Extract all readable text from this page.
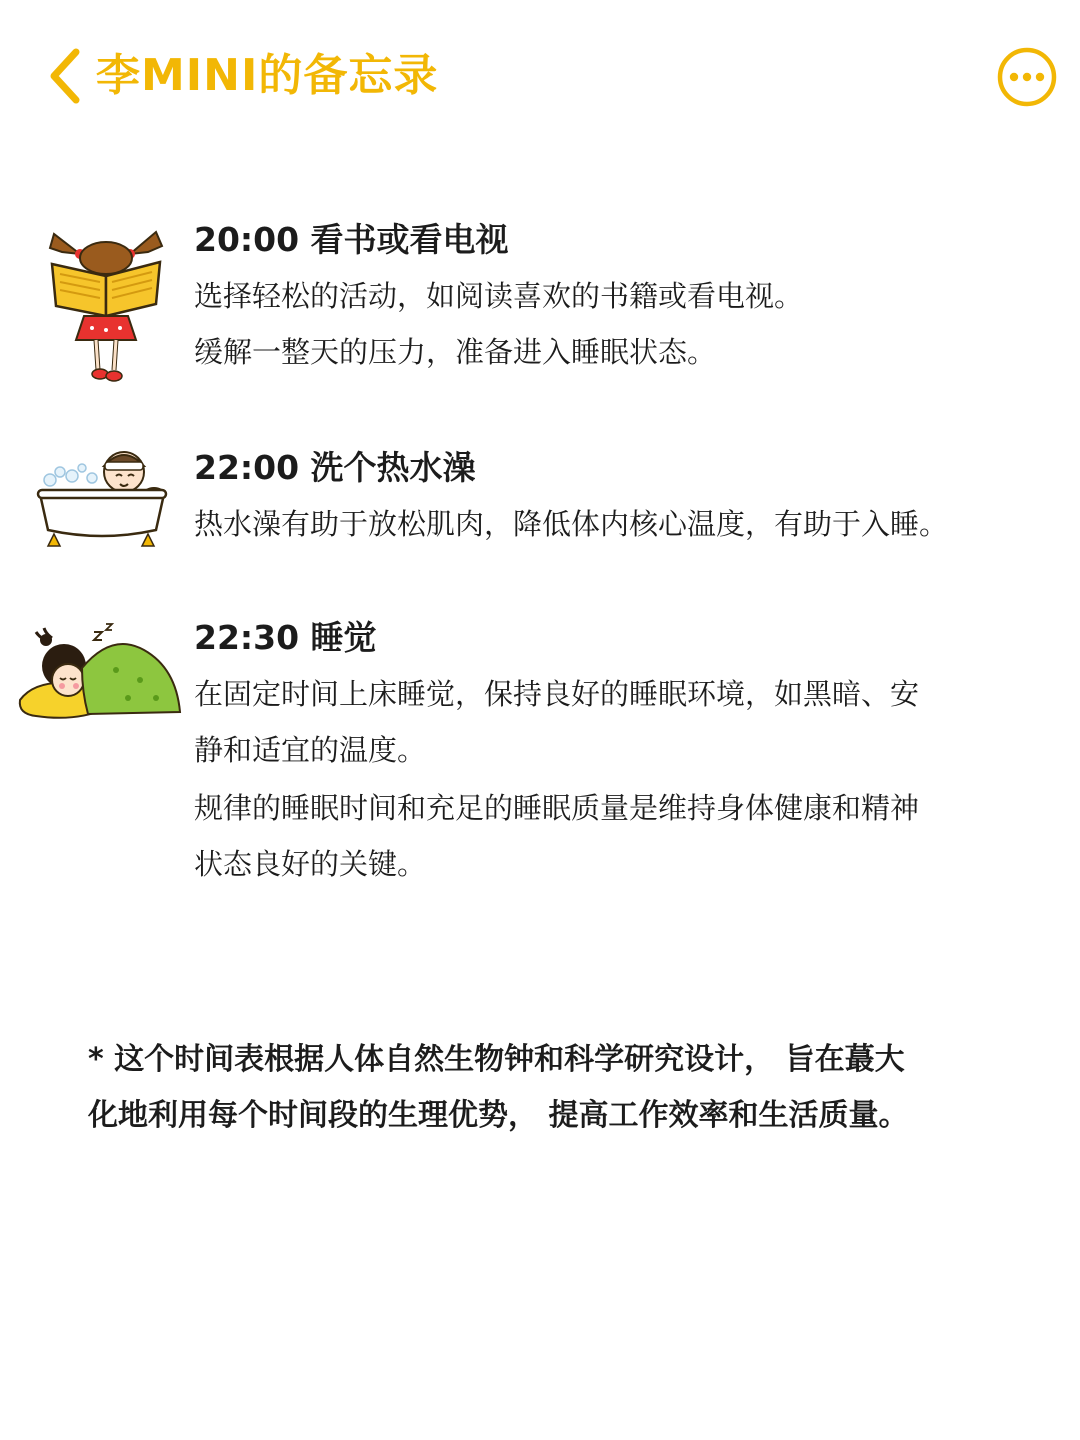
李MINI的备忘录
20:00 看书或看电视
选择轻松的活动，如阅读喜欢的书籍或看电视。
缓解一整天的压力，准备进入睡眠状态。
22:00 洗个热水澡
热水澡有助于放松肌肉，降低体内核心温度，有助于入睡。
22:30 睡觉
在固定时间上床睡觉，保持良好的睡眠环境，如黑暗、安
静和适宜的温度。
规律的睡眠时间和充足的睡眠质量是维持身体健康和精神
状态良好的关键。
* 这个时间表根据人体自然生物钟和科学研究设计， 旨在蕞大
化地利用每个时间段的生理优势， 提高工作效率和生活质量。
